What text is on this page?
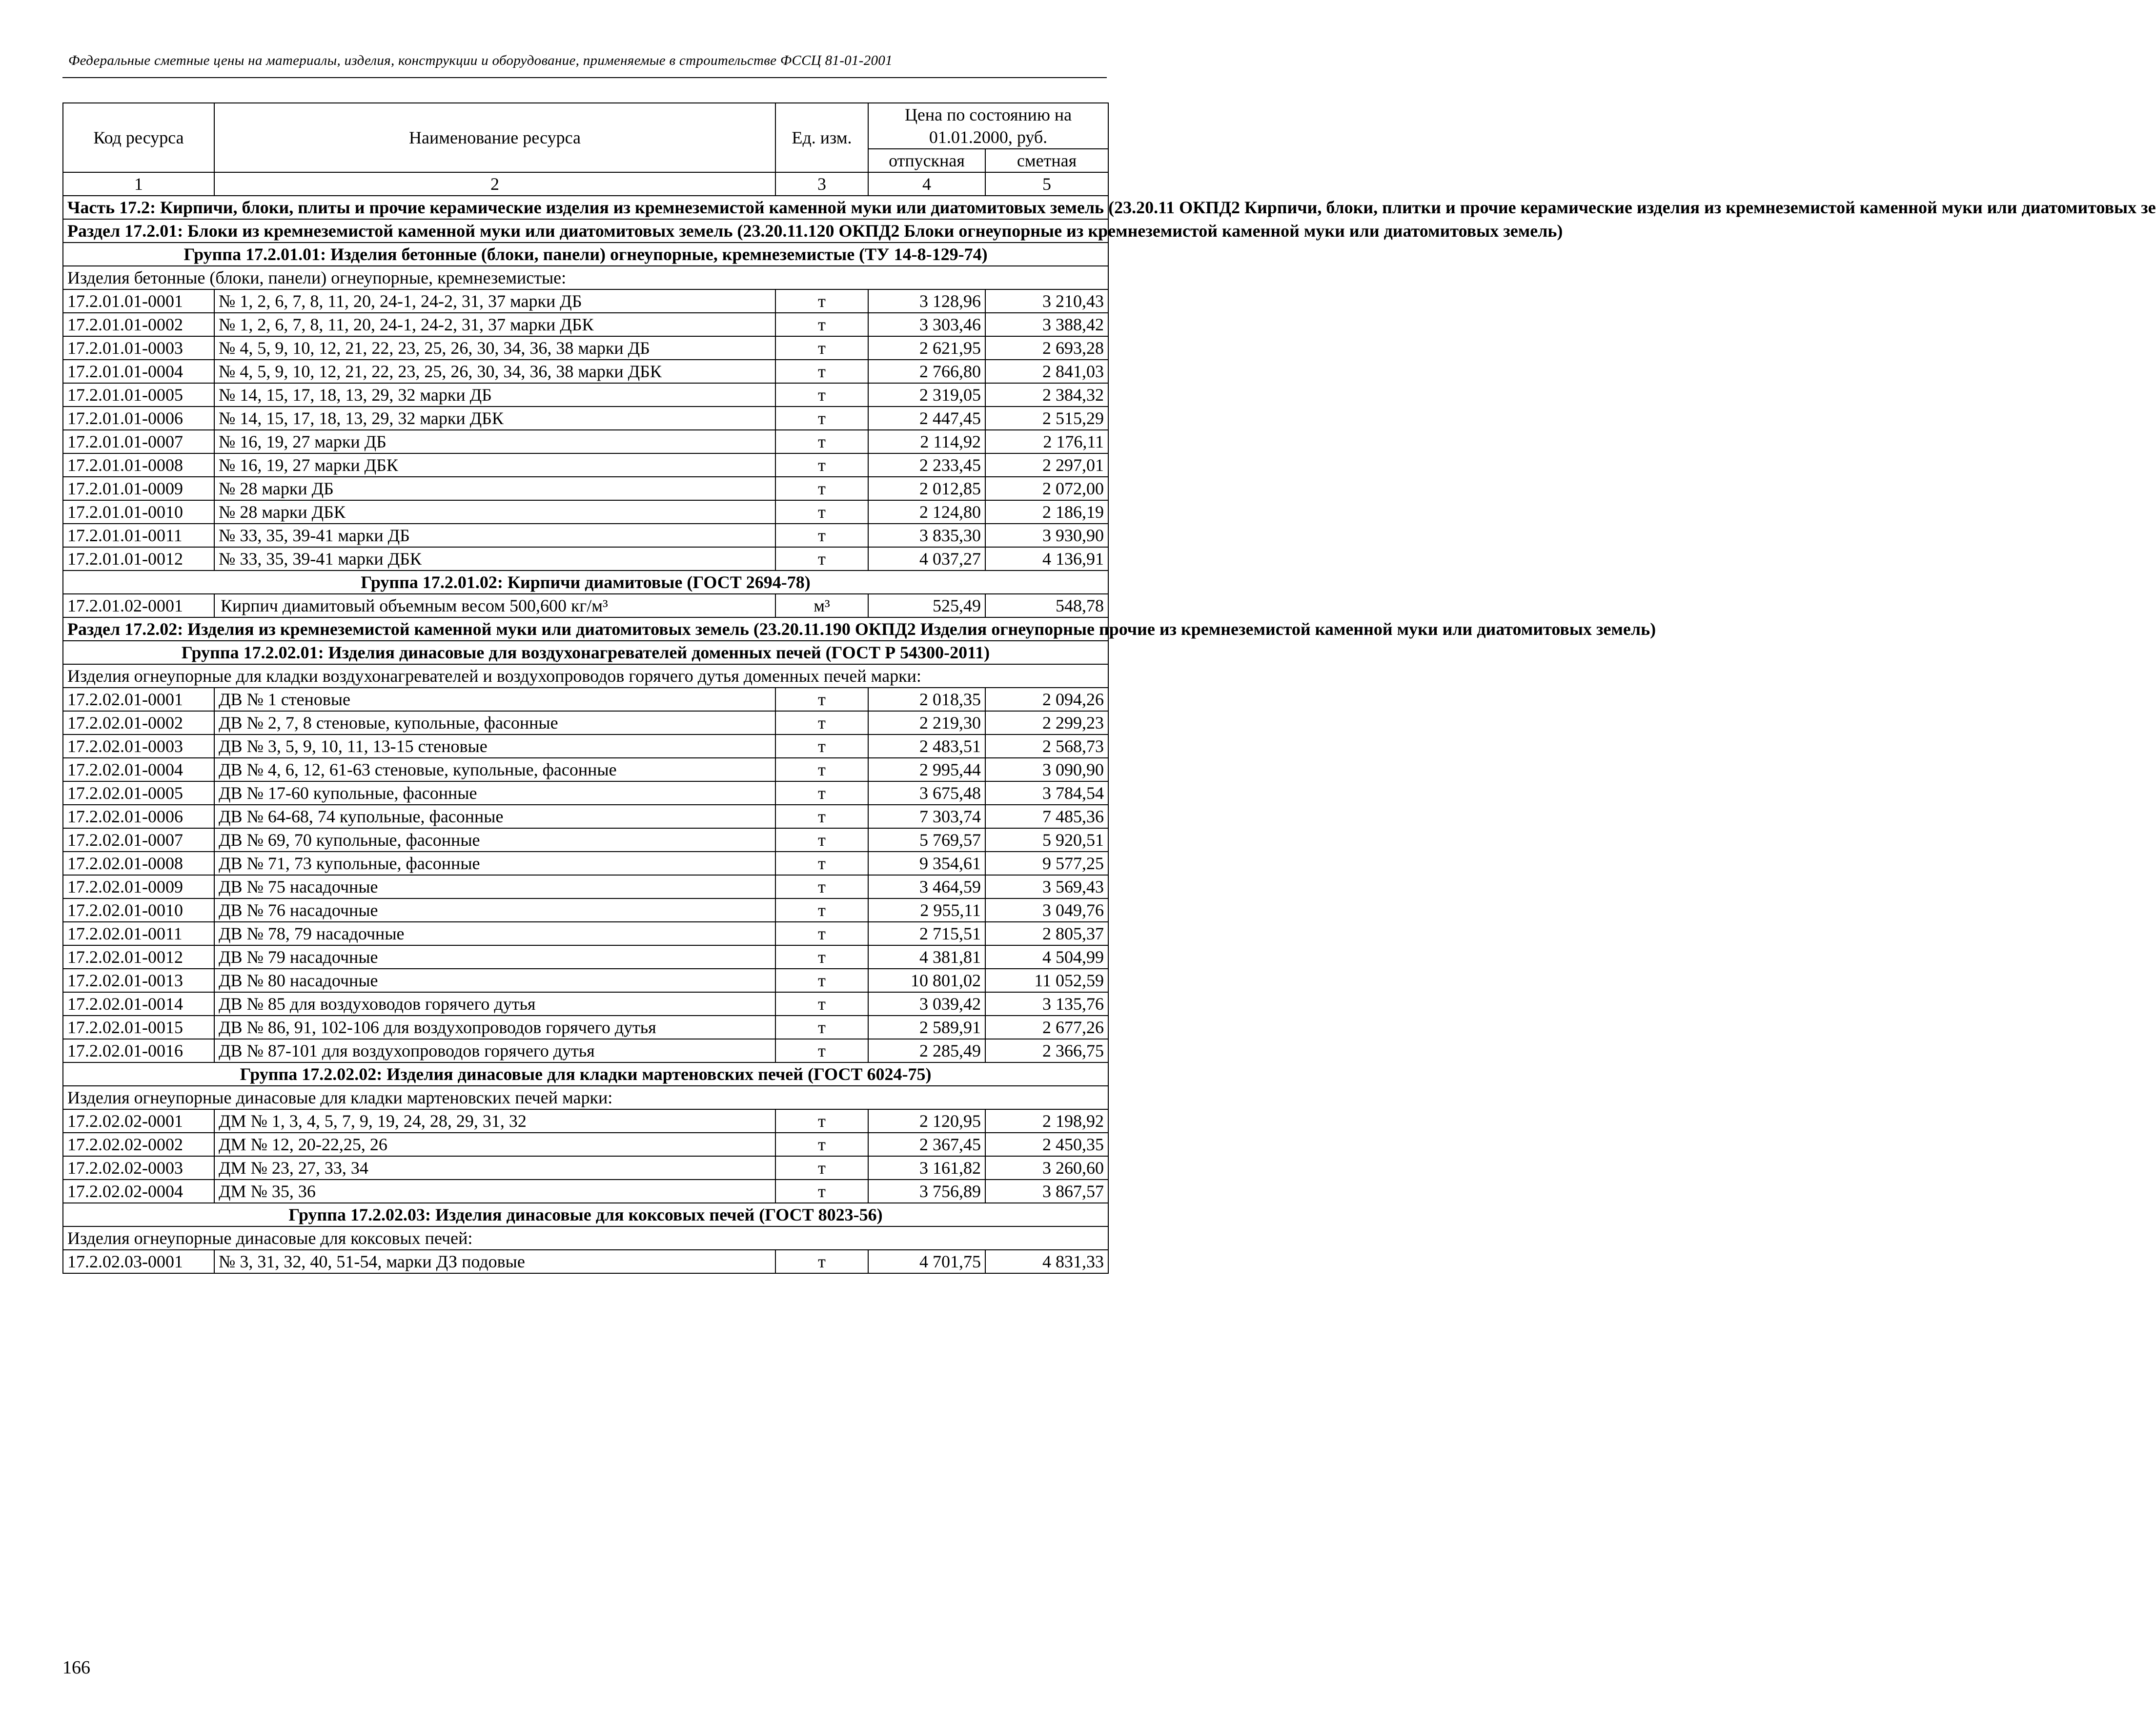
Федеральные сметные цены на материалы, изделия, конструкции и оборудование, применяемые в строительстве ФССЦ 81-01-2001
Код ресурса	Наименование ресурса	Ед. изм.	Цена по состоянию на 01.01.2000, руб.	
			отпускная	сметная
1	2	3	4	5
Часть 17.2: Кирпичи, блоки, плиты и прочие керамические изделия из кремнеземистой каменной муки или диатомитовых земель (23.20.11 ОКПД2 Кирпичи, блоки, плитки и прочие керамические изделия из кремнеземистой каменной муки или диатомитовых зе				
Раздел 17.2.01: Блоки из кремнеземистой каменной муки или диатомитовых земель (23.20.11.120 ОКПД2 Блоки огнеупорные из кремнеземистой каменной муки или диатомитовых земель)				
Группа 17.2.01.01: Изделия бетонные (блоки, панели) огнеупорные, кремнеземистые (ТУ 14-8-129-74)				
Изделия бетонные (блоки, панели) огнеупорные, кремнеземистые:				
17.2.01.01-0001	№ 1, 2, 6, 7, 8, 11, 20, 24-1, 24-2, 31, 37 марки ДБ	т	3 128,96	3 210,43
17.2.01.01-0002	№ 1, 2, 6, 7, 8, 11, 20, 24-1, 24-2, 31, 37 марки ДБК	т	3 303,46	3 388,42
17.2.01.01-0003	№ 4, 5, 9, 10, 12, 21, 22, 23, 25, 26, 30, 34, 36, 38 марки ДБ	т	2 621,95	2 693,28
17.2.01.01-0004	№ 4, 5, 9, 10, 12, 21, 22, 23, 25, 26, 30, 34, 36, 38 марки ДБК	т	2 766,80	2 841,03
17.2.01.01-0005	№ 14, 15, 17, 18, 13, 29, 32 марки ДБ	т	2 319,05	2 384,32
17.2.01.01-0006	№ 14, 15, 17, 18, 13, 29, 32 марки ДБК	т	2 447,45	2 515,29
17.2.01.01-0007	№ 16, 19, 27 марки ДБ	т	2 114,92	2 176,11
17.2.01.01-0008	№ 16, 19, 27 марки ДБК	т	2 233,45	2 297,01
17.2.01.01-0009	№ 28 марки ДБ	т	2 012,85	2 072,00
17.2.01.01-0010	№ 28 марки ДБК	т	2 124,80	2 186,19
17.2.01.01-0011	№ 33, 35, 39-41 марки ДБ	т	3 835,30	3 930,90
17.2.01.01-0012	№ 33, 35, 39-41 марки ДБК	т	4 037,27	4 136,91
Группа 17.2.01.02: Кирпичи диамитовые (ГОСТ 2694-78)				
17.2.01.02-0001	Кирпич диамитовый объемным весом 500,600 кг/м³	м³	525,49	548,78
Раздел 17.2.02: Изделия из кремнеземистой каменной муки или диатомитовых земель (23.20.11.190 ОКПД2 Изделия огнеупорные прочие из кремнеземистой каменной муки или диатомитовых земель)				
Группа 17.2.02.01: Изделия динасовые для воздухонагревателей доменных печей (ГОСТ Р 54300-2011)				
Изделия огнеупорные для кладки воздухонагревателей и воздухопроводов горячего дутья доменных печей марки:				
17.2.02.01-0001	ДВ № 1 стеновые	т	2 018,35	2 094,26
17.2.02.01-0002	ДВ № 2, 7, 8 стеновые, купольные, фасонные	т	2 219,30	2 299,23
17.2.02.01-0003	ДВ № 3, 5, 9, 10, 11, 13-15 стеновые	т	2 483,51	2 568,73
17.2.02.01-0004	ДВ № 4, 6, 12, 61-63 стеновые, купольные, фасонные	т	2 995,44	3 090,90
17.2.02.01-0005	ДВ № 17-60 купольные, фасонные	т	3 675,48	3 784,54
17.2.02.01-0006	ДВ № 64-68, 74 купольные, фасонные	т	7 303,74	7 485,36
17.2.02.01-0007	ДВ № 69, 70 купольные, фасонные	т	5 769,57	5 920,51
17.2.02.01-0008	ДВ № 71, 73 купольные, фасонные	т	9 354,61	9 577,25
17.2.02.01-0009	ДВ № 75 насадочные	т	3 464,59	3 569,43
17.2.02.01-0010	ДВ № 76 насадочные	т	2 955,11	3 049,76
17.2.02.01-0011	ДВ № 78, 79 насадочные	т	2 715,51	2 805,37
17.2.02.01-0012	ДВ № 79 насадочные	т	4 381,81	4 504,99
17.2.02.01-0013	ДВ № 80 насадочные	т	10 801,02	11 052,59
17.2.02.01-0014	ДВ № 85 для воздуховодов горячего дутья	т	3 039,42	3 135,76
17.2.02.01-0015	ДВ № 86, 91, 102-106 для воздухопроводов горячего дутья	т	2 589,91	2 677,26
17.2.02.01-0016	ДВ № 87-101 для воздухопроводов горячего дутья	т	2 285,49	2 366,75
Группа 17.2.02.02: Изделия динасовые для кладки мартеновских печей (ГОСТ 6024-75)				
Изделия огнеупорные динасовые для кладки мартеновских печей марки:				
17.2.02.02-0001	ДМ № 1, 3, 4, 5, 7, 9, 19, 24, 28, 29, 31, 32	т	2 120,95	2 198,92
17.2.02.02-0002	ДМ № 12, 20-22,25, 26	т	2 367,45	2 450,35
17.2.02.02-0003	ДМ № 23, 27, 33, 34	т	3 161,82	3 260,60
17.2.02.02-0004	ДМ № 35, 36	т	3 756,89	3 867,57
Группа 17.2.02.03: Изделия динасовые для коксовых печей (ГОСТ 8023-56)				
Изделия огнеупорные динасовые для коксовых печей:				
17.2.02.03-0001	№ 3, 31, 32, 40, 51-54, марки ДЗ подовые	т	4 701,75	4 831,33
166
